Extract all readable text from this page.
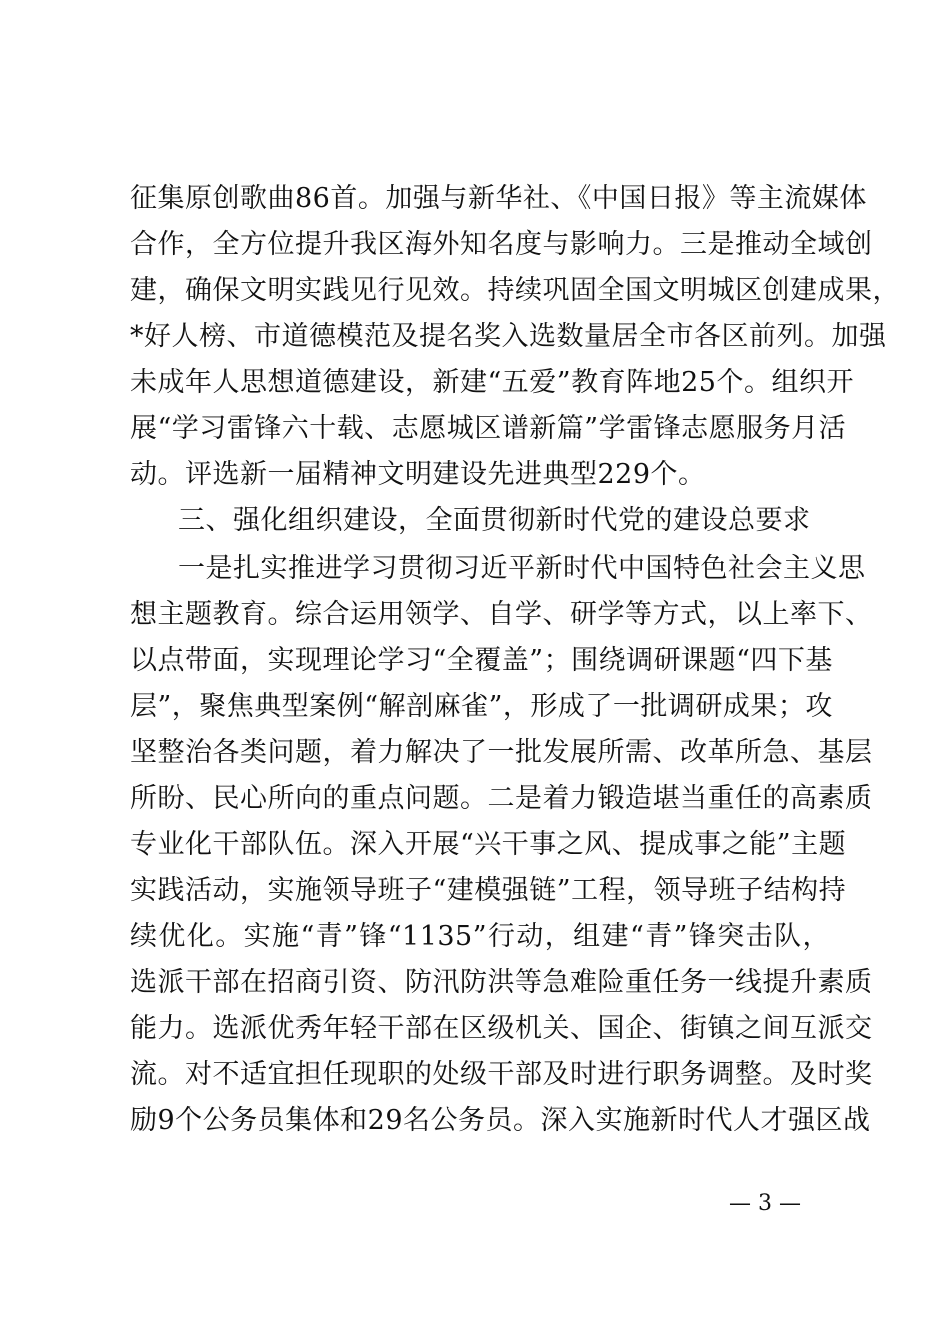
征集原创歌曲86首。加强与新华社、《中国日报》等主流媒体
合作，全方位提升我区海外知名度与影响力。三是推动全域创
建，确保文明实践见行见效。持续巩固全国文明城区创建成果，
*好人榜、市道德模范及提名奖入选数量居全市各区前列。加强
未成年人思想道德建设，新建“五爱”教育阵地25个。组织开
展“学习雷锋六十载、志愿城区谱新篇”学雷锋志愿服务月活
动。评选新一届精神文明建设先进典型229个。
三、强化组织建设，全面贯彻新时代党的建设总要求
一是扎实推进学习贯彻习近平新时代中国特色社会主义思
想主题教育。综合运用领学、自学、研学等方式，以上率下、
以点带面，实现理论学习“全覆盖”；围绕调研课题“四下基
层”，聚焦典型案例“解剖麻雀”，形成了一批调研成果；攻
坚整治各类问题，着力解决了一批发展所需、改革所急、基层
所盼、民心所向的重点问题。二是着力锻造堪当重任的高素质
专业化干部队伍。深入开展“兴干事之风、提成事之能”主题
实践活动，实施领导班子“建模强链”工程，领导班子结构持
续优化。实施“青”锋“1135”行动，组建“青”锋突击队，
选派干部在招商引资、防汛防洪等急难险重任务一线提升素质
能力。选派优秀年轻干部在区级机关、国企、街镇之间互派交
流。对不适宜担任现职的处级干部及时进行职务调整。及时奖
励9个公务员集体和29名公务员。深入实施新时代人才强区战
— 3 —
